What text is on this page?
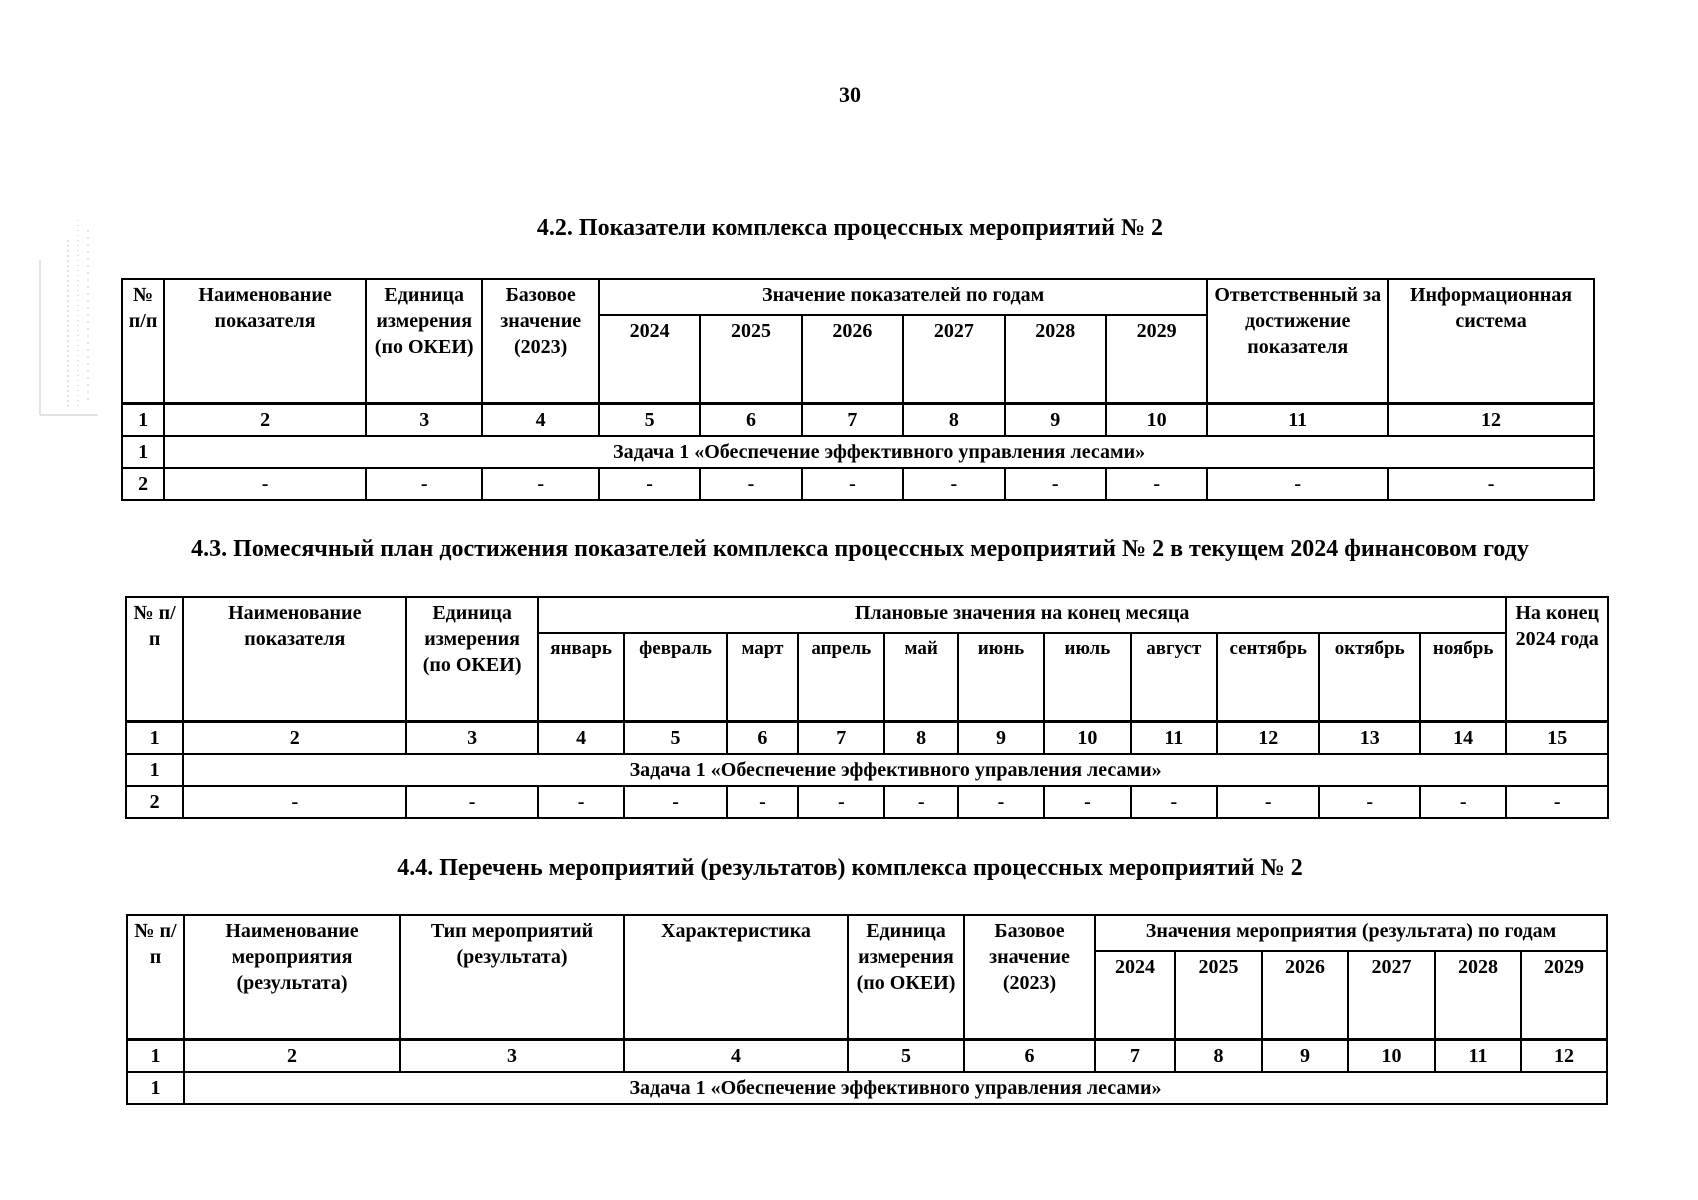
30
4.2. Показатели комплекса процессных мероприятий № 2
№ п/п	Наименование показателя	Единица измерения (по ОКЕИ)	Базовое значение (2023)	Значение показателей по годам						Ответственный за достижение показателя	Информационная система
				2024	2025	2026	2027	2028	2029		
1	2	3	4	5	6	7	8	9	10	11	12
1	Задача 1 «Обеспечение эффективного управления лесами»										
2	-	-	-	-	-	-	-	-	-	-	-
4.3. Помесячный план достижения показателей комплекса процессных мероприятий № 2 в текущем 2024 финансовом году
№ п/п	Наименование показателя	Единица измерения (по ОКЕИ)	Плановые значения на конец месяца											На конец 2024 года
			январь	февраль	март	апрель	май	июнь	июль	август	сентябрь	октябрь	ноябрь	
1	2	3	4	5	6	7	8	9	10	11	12	13	14	15
1	Задача 1 «Обеспечение эффективного управления лесами»													
2	-	-	-	-	-	-	-	-	-	-	-	-	-	-
4.4. Перечень мероприятий (результатов) комплекса процессных мероприятий № 2
№ п/п	Наименование мероприятия (результата)	Тип мероприятий (результата)	Характеристика	Единица измерения (по ОКЕИ)	Базовое значение (2023)	Значения мероприятия (результата) по годам					
						2024	2025	2026	2027	2028	2029
1	2	3	4	5	6	7	8	9	10	11	12
1	Задача 1 «Обеспечение эффективного управления лесами»										
